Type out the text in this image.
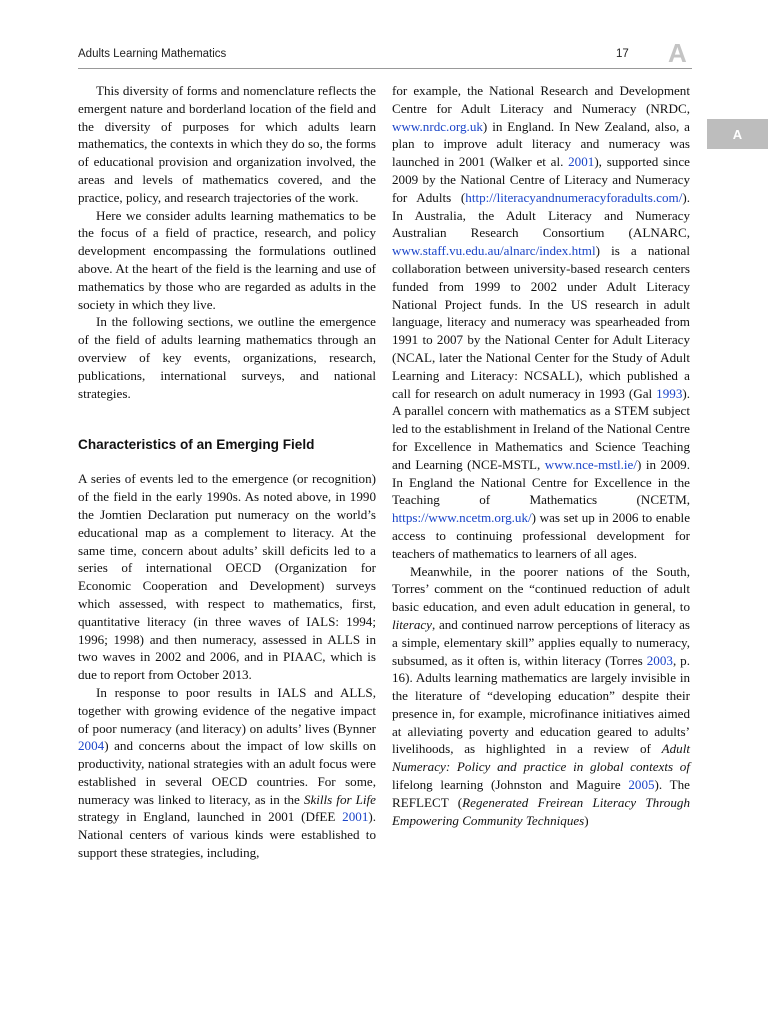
Adults Learning Mathematics	17 A
A

This diversity of forms and nomenclature reflects the emergent nature and borderland location of the field and the diversity of purposes for which adults learn mathematics, the contexts in which they do so, the forms of educational provision and organization involved, the areas and levels of mathematics covered, and the practice, policy, and research trajectories of the work.

Here we consider adults learning mathematics to be the focus of a field of practice, research, and policy development encompassing the formulations outlined above. At the heart of the field is the learning and use of mathematics by those who are regarded as adults in the society in which they live.

In the following sections, we outline the emergence of the field of adults learning mathematics through an overview of key events, organizations, research, publications, international surveys, and national strategies.

Characteristics of an Emerging Field

A series of events led to the emergence (or recognition) of the field in the early 1990s. As noted above, in 1990 the Jomtien Declaration put numeracy on the world’s educational map as a complement to literacy. At the same time, concern about adults’ skill deficits led to a series of international OECD (Organization for Economic Cooperation and Development) surveys which assessed, with respect to mathematics, first, quantitative literacy (in three waves of IALS: 1994; 1996; 1998) and then numeracy, assessed in ALLS in two waves in 2002 and 2006, and in PIAAC, which is due to report from October 2013.

In response to poor results in IALS and ALLS, together with growing evidence of the negative impact of poor numeracy (and literacy) on adults’ lives (Bynner 2004) and concerns about the impact of low skills on productivity, national strategies with an adult focus were established in several OECD countries. For some, numeracy was linked to literacy, as in the Skills for Life strategy in England, launched in 2001 (DfEE 2001). National centers of various kinds were established to support these strategies, including,

for example, the National Research and Development Centre for Adult Literacy and Numeracy (NRDC, www.nrdc.org.uk) in England. In New Zealand, also, a plan to improve adult literacy and numeracy was launched in 2001 (Walker et al. 2001), supported since 2009 by the National Centre of Literacy and Numeracy for Adults (http://literacyandnumeracyforadults.com/). In Australia, the Adult Literacy and Numeracy Australian Research Consortium (ALNARC, www.staff.vu.edu.au/alnarc/index.html) is a national collaboration between university-based research centers funded from 1999 to 2002 under Adult Literacy National Project funds. In the US research in adult language, literacy and numeracy was spearheaded from 1991 to 2007 by the National Center for Adult Literacy (NCAL, later the National Center for the Study of Adult Learning and Literacy: NCSALL), which published a call for research on adult numeracy in 1993 (Gal 1993). A parallel concern with mathematics as a STEM subject led to the establishment in Ireland of the National Centre for Excellence in Mathematics and Science Teaching and Learning (NCE-MSTL, www.nce-mstl.ie/) in 2009. In England the National Centre for Excellence in the Teaching of Mathematics (NCETM, https://www.ncetm.org.uk/) was set up in 2006 to enable access to continuing professional development for teachers of mathematics to learners of all ages.

Meanwhile, in the poorer nations of the South, Torres’ comment on the “continued reduction of adult basic education, and even adult education in general, to literacy, and continued narrow perceptions of literacy as a simple, elementary skill” applies equally to numeracy, subsumed, as it often is, within literacy (Torres 2003, p. 16). Adults learning mathematics are largely invisible in the literature of “developing education” despite their presence in, for example, microfinance initiatives aimed at alleviating poverty and education geared to adults’ livelihoods, as highlighted in a review of Adult Numeracy: Policy and practice in global contexts of lifelong learning (Johnston and Maguire 2005). The REFLECT (Regenerated Freirean Literacy Through Empowering Community Techniques)
